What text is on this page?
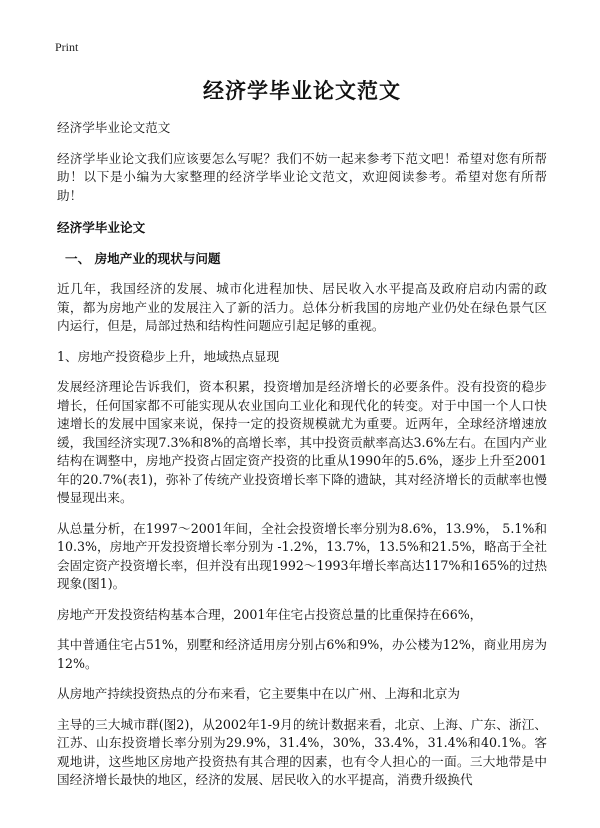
Print
经济学毕业论文范文

经济学毕业论文范文

经济学毕业论文我们应该要怎么写呢？我们不妨一起来参考下范文吧！希望对您有所帮助！以下是小编为大家整理的经济学毕业论文范文，欢迎阅读参考。希望对您有所帮助！

经济学毕业论文

一、 房地产业的现状与问题

近几年，我国经济的发展、城市化进程加快、居民收入水平提高及政府启动内需的政策，都为房地产业的发展注入了新的活力。总体分析我国的房地产业仍处在绿色景气区内运行，但是，局部过热和结构性问题应引起足够的重视。

1、房地产投资稳步上升，地域热点显现

发展经济理论告诉我们，资本积累，投资增加是经济增长的必要条件。没有投资的稳步增长，任何国家都不可能实现从农业国向工业化和现代化的转变。对于中国一个人口快速增长的发展中国家来说，保持一定的投资规模就尤为重要。近两年，全球经济增速放缓，我国经济实现7.3%和8%的高增长率，其中投资贡献率高达3.6%左右。在国内产业结构在调整中，房地产投资占固定资产投资的比重从1990年的5.6%，逐步上升至2001年的20.7%(表1)，弥补了传统产业投资增长率下降的遗缺，其对经济增长的贡献率也慢慢显现出来。

从总量分析，在1997～2001年间，全社会投资增长率分别为8.6%，13.9%， 5.1%和10.3%，房地产开发投资增长率分别为 -1.2%，13.7%，13.5%和21.5%，略高于全社会固定资产投资增长率，但并没有出现1992～1993年增长率高达117%和165%的过热现象(图1)。

房地产开发投资结构基本合理，2001年住宅占投资总量的比重保持在66%，

其中普通住宅占51%，别墅和经济适用房分别占6%和9%，办公楼为12%，商业用房为12%。

从房地产持续投资热点的分布来看，它主要集中在以广州、上海和北京为

主导的三大城市群(图2)，从2002年1-9月的统计数据来看，北京、上海、广东、浙江、江苏、山东投资增长率分别为29.9%，31.4%，30%，33.4%，31.4%和40.1%。客观地讲，这些地区房地产投资热有其合理的因素，也有令人担心的一面。三大地带是中国经济增长最快的地区，经济的发展、居民收入的水平提高，消费升级换代
